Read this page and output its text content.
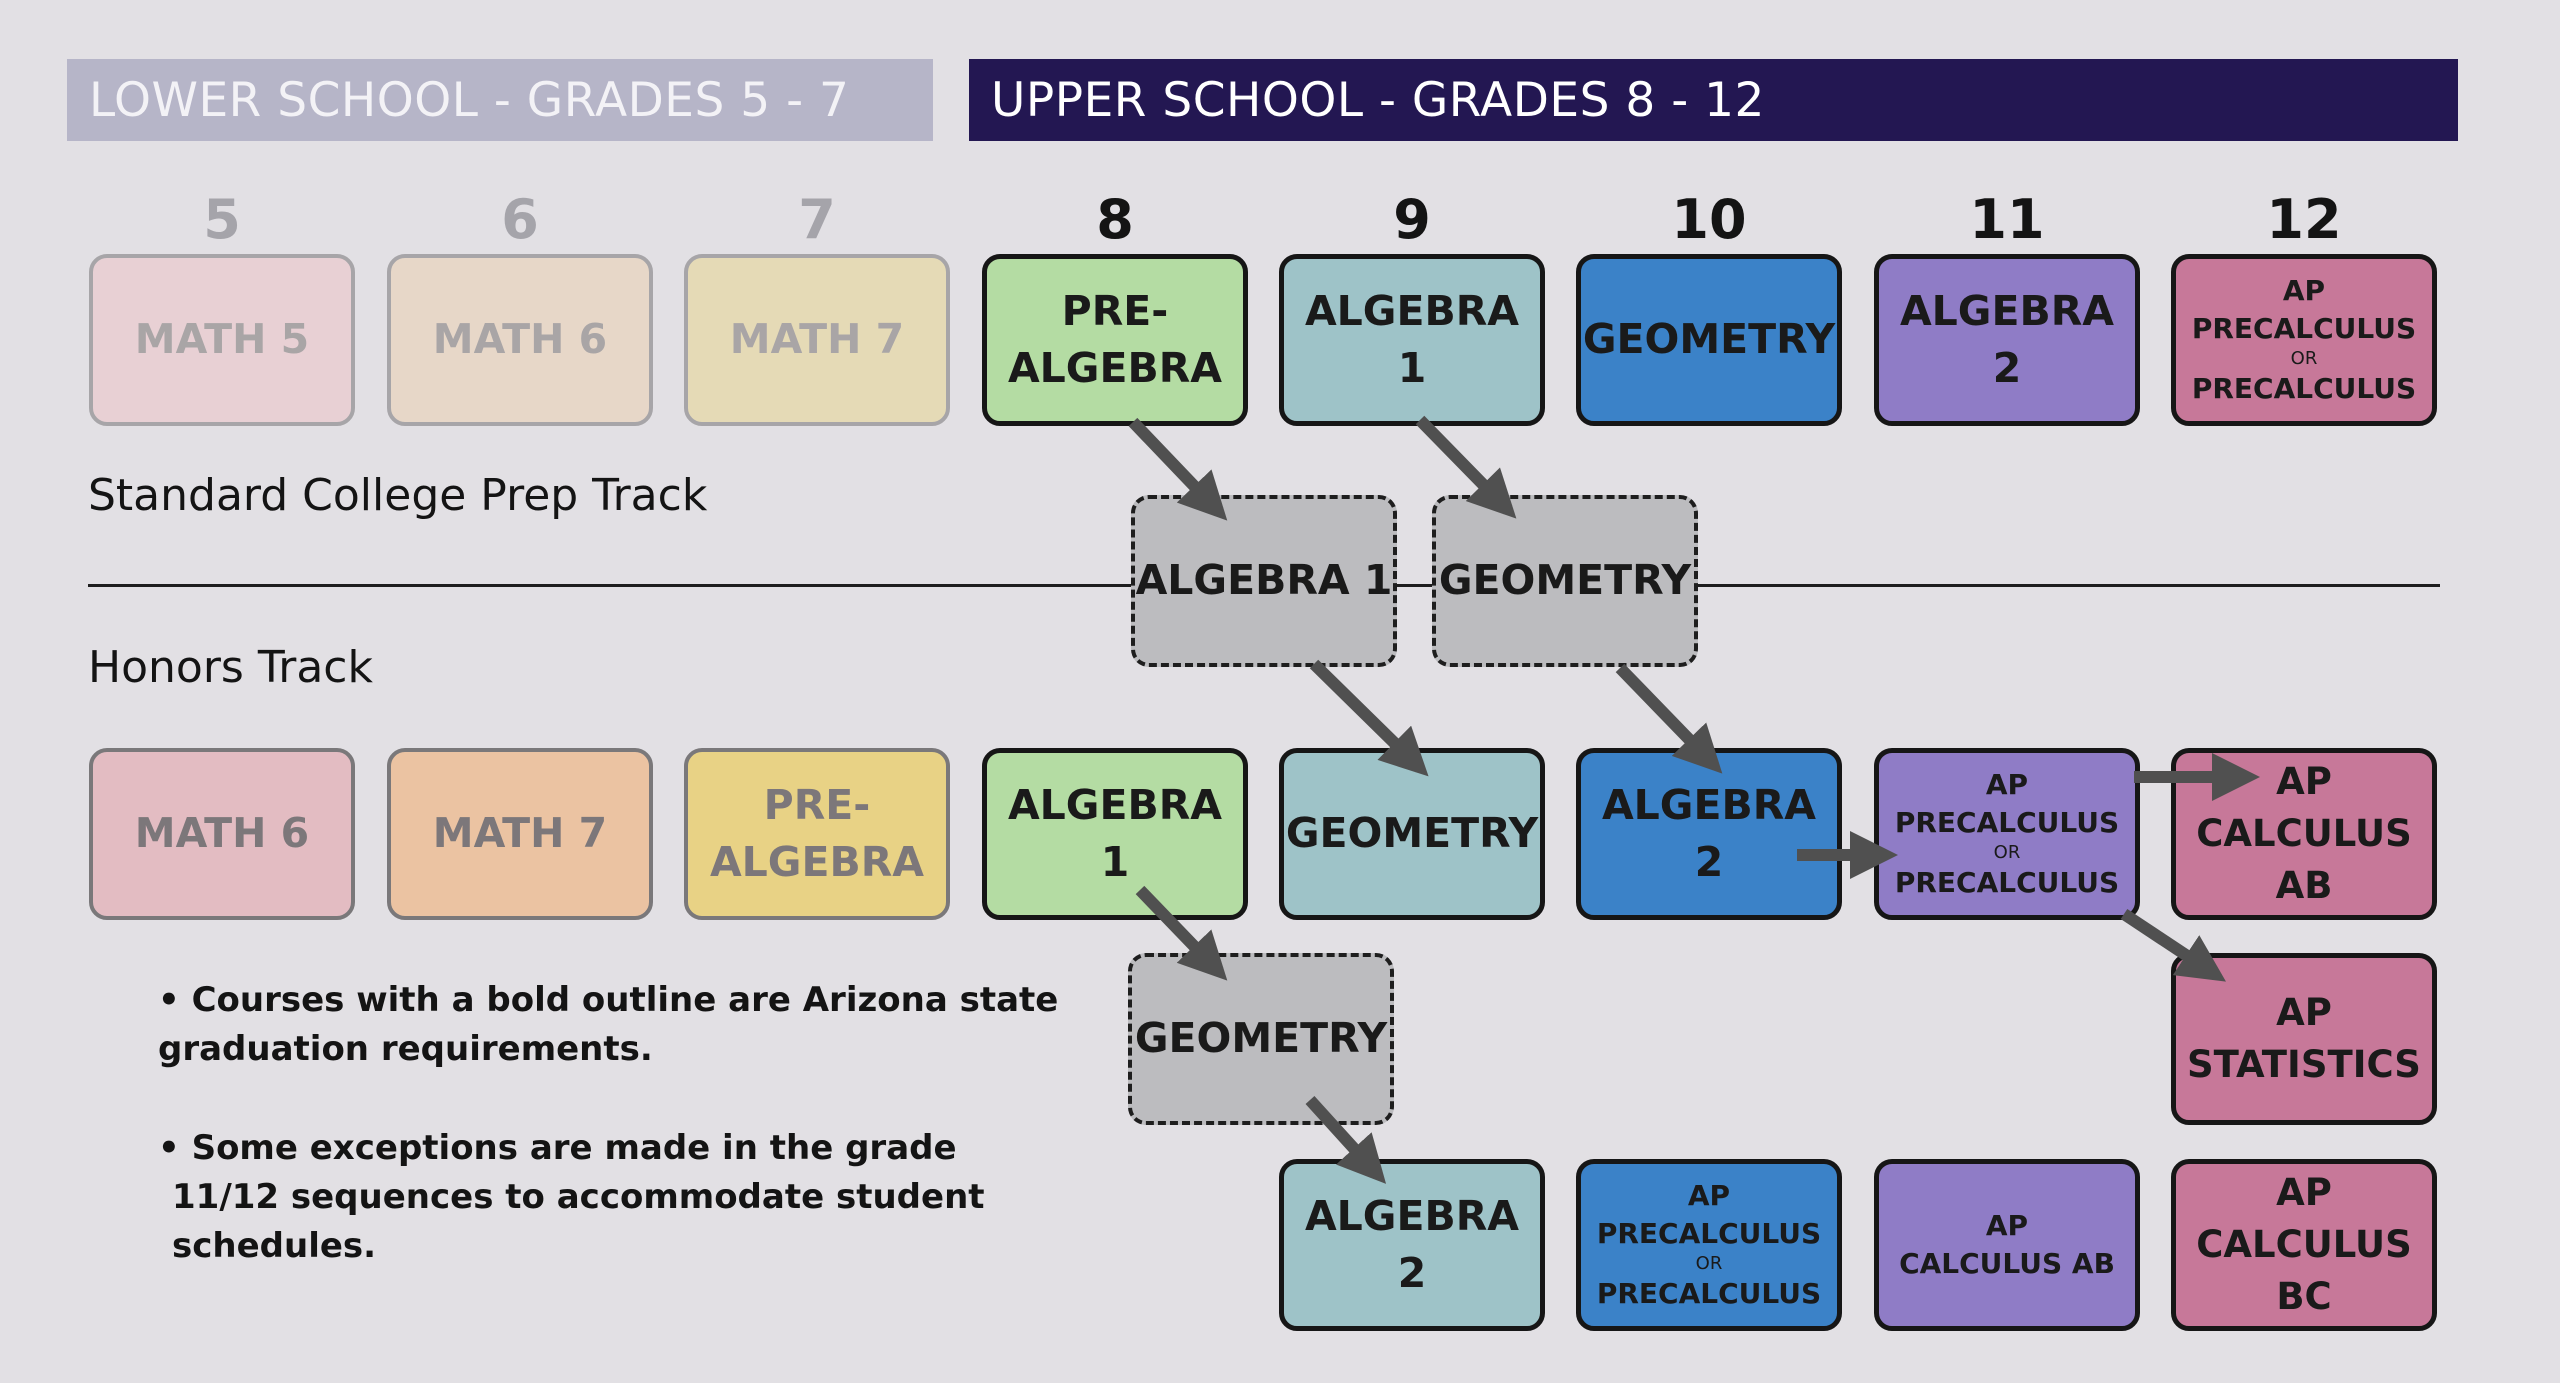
LOWER SCHOOL - GRADES 5 - 7	UPPER SCHOOL - GRADES 8 - 12
5	6	7	8	9	10	11	12
MATH 5	MATH 6	MATH 7
PRE-
ALGEBRA
ALGEBRA 1
GEOMETRY
ALGEBRA 2
AP
PRECALCULUS
OR
PRECALCULUS
Standard College Prep Track
Honors Track
ALGEBRA 1 GEOMETRY
GEOMETRY
MATH 6	MATH 7
PRE-
ALGEBRA
ALGEBRA
1
GEOMETRY
ALGEBRA
2
AP
PRECALCULUS
OR
PRECALCULUS
AP
CALCULUS
AB
AP
STATISTICS
ALGEBRA
2
AP
PRECALCULUS
OR
PRECALCULUS
AP
CALCULUS AB
AP
CALCULUS
BC
• Courses with a bold outline are Arizona state
graduation requirements.
• Some exceptions are made in the grade
11/12 sequences to accommodate student
schedules.
